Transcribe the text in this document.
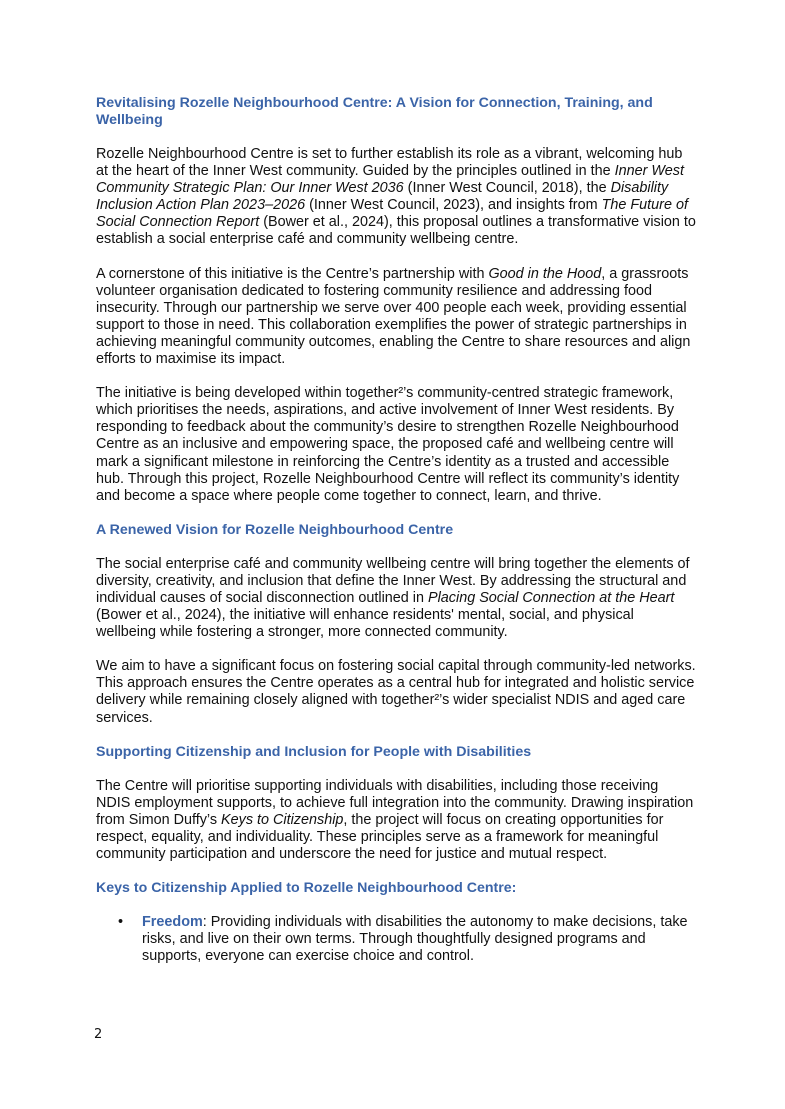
Revitalising Rozelle Neighbourhood Centre: A Vision for Connection, Training, and Wellbeing

Rozelle Neighbourhood Centre is set to further establish its role as a vibrant, welcoming hub at the heart of the Inner West community. Guided by the principles outlined in the Inner West Community Strategic Plan: Our Inner West 2036 (Inner West Council, 2018), the Disability Inclusion Action Plan 2023–2026 (Inner West Council, 2023), and insights from The Future of Social Connection Report (Bower et al., 2024), this proposal outlines a transformative vision to establish a social enterprise café and community wellbeing centre.

A cornerstone of this initiative is the Centre’s partnership with Good in the Hood, a grassroots volunteer organisation dedicated to fostering community resilience and addressing food insecurity. Through our partnership we serve over 400 people each week, providing essential support to those in need. This collaboration exemplifies the power of strategic partnerships in achieving meaningful community outcomes, enabling the Centre to share resources and align efforts to maximise its impact.

The initiative is being developed within together²’s community-centred strategic framework, which prioritises the needs, aspirations, and active involvement of Inner West residents. By responding to feedback about the community’s desire to strengthen Rozelle Neighbourhood Centre as an inclusive and empowering space, the proposed café and wellbeing centre will mark a significant milestone in reinforcing the Centre’s identity as a trusted and accessible hub. Through this project, Rozelle Neighbourhood Centre will reflect its community’s identity and become a space where people come together to connect, learn, and thrive.

A Renewed Vision for Rozelle Neighbourhood Centre

The social enterprise café and community wellbeing centre will bring together the elements of diversity, creativity, and inclusion that define the Inner West. By addressing the structural and individual causes of social disconnection outlined in Placing Social Connection at the Heart (Bower et al., 2024), the initiative will enhance residents' mental, social, and physical wellbeing while fostering a stronger, more connected community.

We aim to have a significant focus on fostering social capital through community-led networks. This approach ensures the Centre operates as a central hub for integrated and holistic service delivery while remaining closely aligned with together²’s wider specialist NDIS and aged care services.

Supporting Citizenship and Inclusion for People with Disabilities

The Centre will prioritise supporting individuals with disabilities, including those receiving NDIS employment supports, to achieve full integration into the community. Drawing inspiration from Simon Duffy’s Keys to Citizenship, the project will focus on creating opportunities for respect, equality, and individuality. These principles serve as a framework for meaningful community participation and underscore the need for justice and mutual respect.

Keys to Citizenship Applied to Rozelle Neighbourhood Centre:
• Freedom: Providing individuals with disabilities the autonomy to make decisions, take risks, and live on their own terms. Through thoughtfully designed programs and supports, everyone can exercise choice and control.
2
